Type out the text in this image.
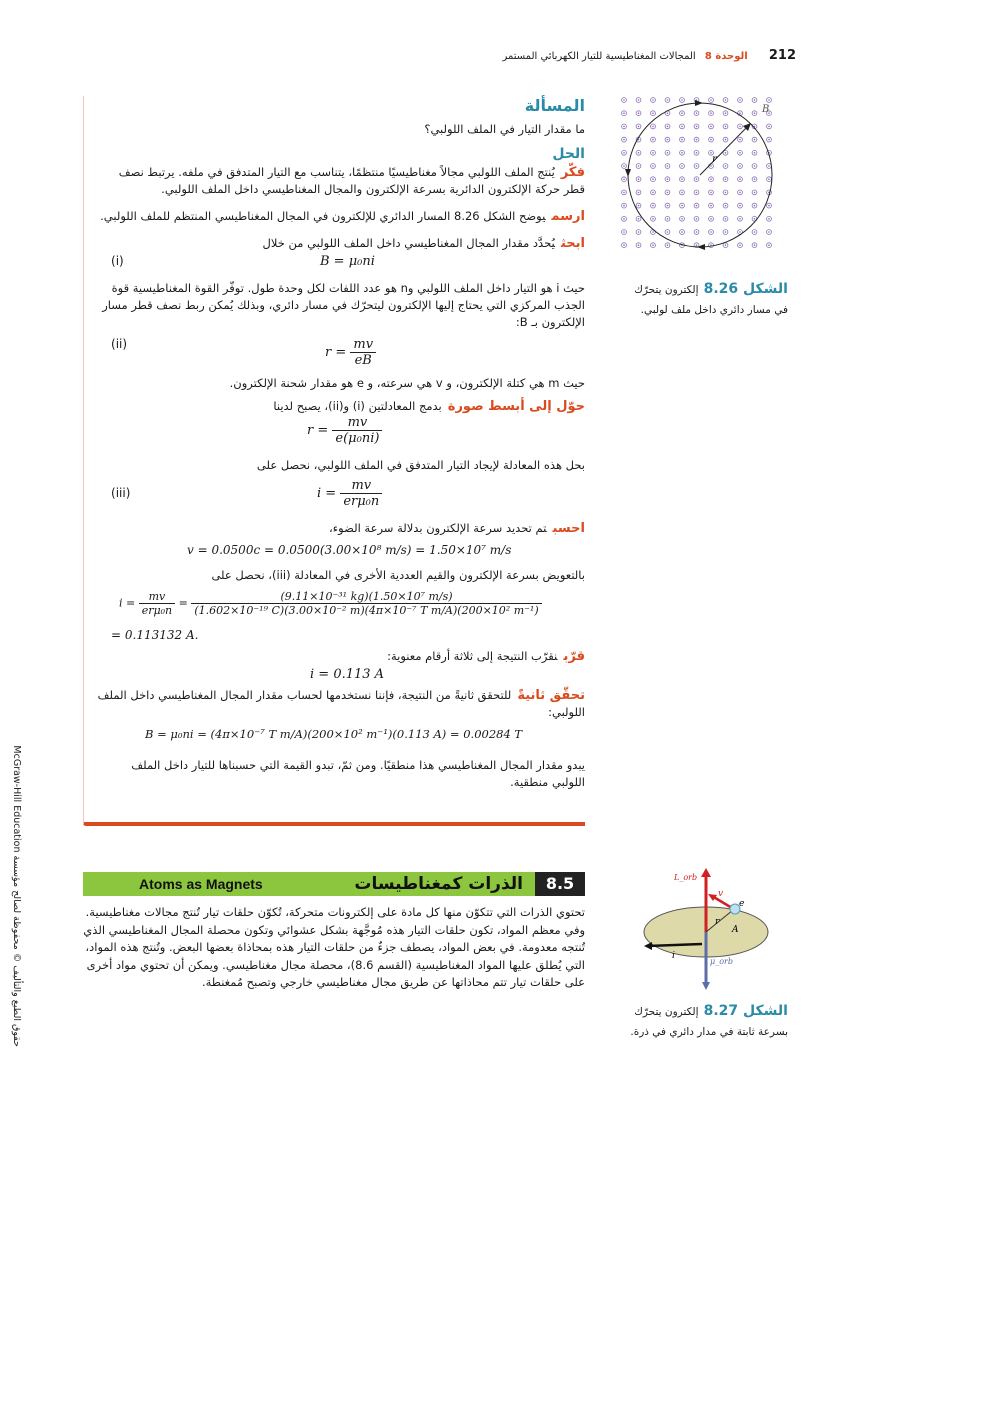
212 الوحدة 8 المجالات المغناطيسية للتيار الكهربائي المستمر
حقوق الطبع والتأليف © محفوظة لصالح مؤسسة McGraw-Hill Education
المسألة
ما مقدار التيار في الملف اللولبي؟
الحل
فكّريُنتج الملف اللولبي مجالاً مغناطيسيًا منتظمًا، يتناسب مع التيار المتدفق في ملفه. يرتبط نصف قطر حركة الإلكترون الدائرية بسرعة الإلكترون والمجال المغناطيسي داخل الملف اللولبي.
ارسميوضح الشكل 8.26 المسار الدائري للإلكترون في المجال المغناطيسي المنتظم للملف اللولبي.
ابحثيُحدَّد مقدار المجال المغناطيسي داخل الملف اللولبي من خلال
B = μ₀ni
(i)
حيث i هو التيار داخل الملف اللولبي وn هو عدد اللفات لكل وحدة طول. توفّر القوة المغناطيسية قوة الجذب المركزي التي يحتاج إليها الإلكترون ليتحرّك في مسار دائري، وبذلك يُمكن ربط نصف قطر مسار الإلكترون بـ B:
$r = \frac{mv}{eB}$
(ii)
حيث m هي كتلة الإلكترون، و v هي سرعته، و e هو مقدار شحنة الإلكترون.
حوّل إلى أبسط صورةبدمج المعادلتين (i) و(ii)، يصبح لدينا
$r = \frac{mv}{\text{e(μ₀ni)}}$
بحل هذه المعادلة لإيجاد التيار المتدفق في الملف اللولبي، نحصل على
$i = \frac{mv}{\text{erμ₀n}}$
(iii)
احسبتم تحديد سرعة الإلكترون بدلالة سرعة الضوء،
v = 0.0500c = 0.0500(3.00×10⁸ m/s) = 1.50×10⁷ m/s
بالتعويض بسرعة الإلكترون والقيم العددية الأخرى في المعادلة (iii)، نحصل على
$i = \frac{mv}{\text{erμ₀n}} = \frac{\text{(9.11×10⁻³¹ kg)(1.50×10⁷ m/s)}}{\text{(1.602×10⁻¹⁹ C)(3.00×10⁻² m)(4π×10⁻⁷ T m/A)(200×10² m⁻¹)}}$
= 0.113132 A.
قرّبنقرّب النتيجة إلى ثلاثة أرقام معنوية:
i = 0.113 A
تحقّق ثانيةًللتحقق ثانيةً من النتيجة، فإننا نستخدمها لحساب مقدار المجال المغناطيسي داخل الملف اللولبي:
B = μ₀ni = (4π×10⁻⁷ T m/A)(200×10² m⁻¹)(0.113 A) = 0.00284 T
يبدو مقدار المجال المغناطيسي هذا منطقيًا. ومن ثمّ، تبدو القيمة التي حسبناها للتيار داخل الملف اللولبي منطقية.
r
B
الشكل 8.26 إلكترون يتحرّك في مسار دائري داخل ملف لولبي.
8.5
الذرات كمغناطيسات
Atoms as Magnets
تحتوي الذرات التي تتكوّن منها كل مادة على إلكترونات متحركة، تُكوّن حلقات تيار تُنتج مجالات مغناطيسية. وفي معظم المواد، تكون حلقات التيار هذه مُوجَّهة بشكل عشوائي وتكون محصلة المجال المغناطيسي الذي تُنتجه معدومة. في بعض المواد، يصطف جزءٌ من حلقات التيار هذه بمحاذاة بعضها البعض. وتُنتج هذه المواد، التي يُطلق عليها المواد المغناطيسية (القسم 8.6)، محصلة مجال مغناطيسي. ويمكن أن تحتوي مواد أخرى على حلقات تيار تتم محاذاتها عن طريق مجال مغناطيسي خارجي وتصبح مُمغنطة.
L_orb
v
e
r
A
i
μ_orb
الشكل 8.27 إلكترون يتحرّك بسرعة ثابتة في مدار دائري في ذرة.
